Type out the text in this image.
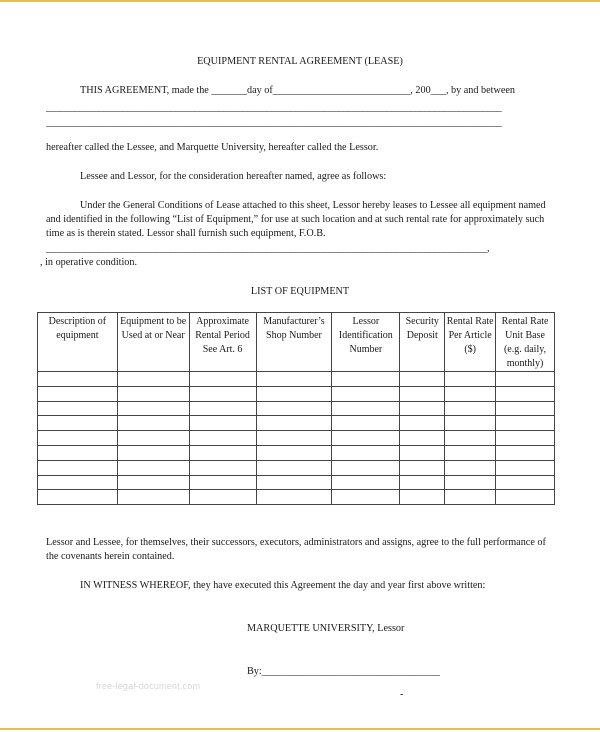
EQUIPMENT RENTAL AGREEMENT (LEASE)
THIS AGREEMENT, made the _______day of___________________________, 200___, by and between
_______________________________________________________________________________________________
_______________________________________________________________________________________________
hereafter called the Lessee, and Marquette University, hereafter called the Lessor.
Lessee and Lessor, for the consideration hereafter named, agree as follows:
Under the General Conditions of Lease attached to this sheet, Lessor hereby leases to Lessee all equipment named
and identified in the following “List of Equipment,” for use at such location and at such rental rate for approximately such
time as is therein stated. Lessor shall furnish such equipment, F.O.B.
____________________________________________________________________________________________,
, in operative condition.
LIST OF EQUIPMENT
Description of equipment	Equipment to be Used at or Near	Approximate Rental Period See Art. 6	Manufacturer’s Shop Number	Lessor Identification Number	Security Deposit	Rental Rate Per Article ($)	Rental Rate Unit Base (e.g. daily, monthly)

Lessor and Lessee, for themselves, their successors, executors, administrators and assigns, agree to the full performance of
the covenants herein contained.
IN WITNESS WHEREOF, they have executed this Agreement the day and year first above written:
MARQUETTE UNIVERSITY, Lessor
By:___________________________________
-
free-legal-document.com
